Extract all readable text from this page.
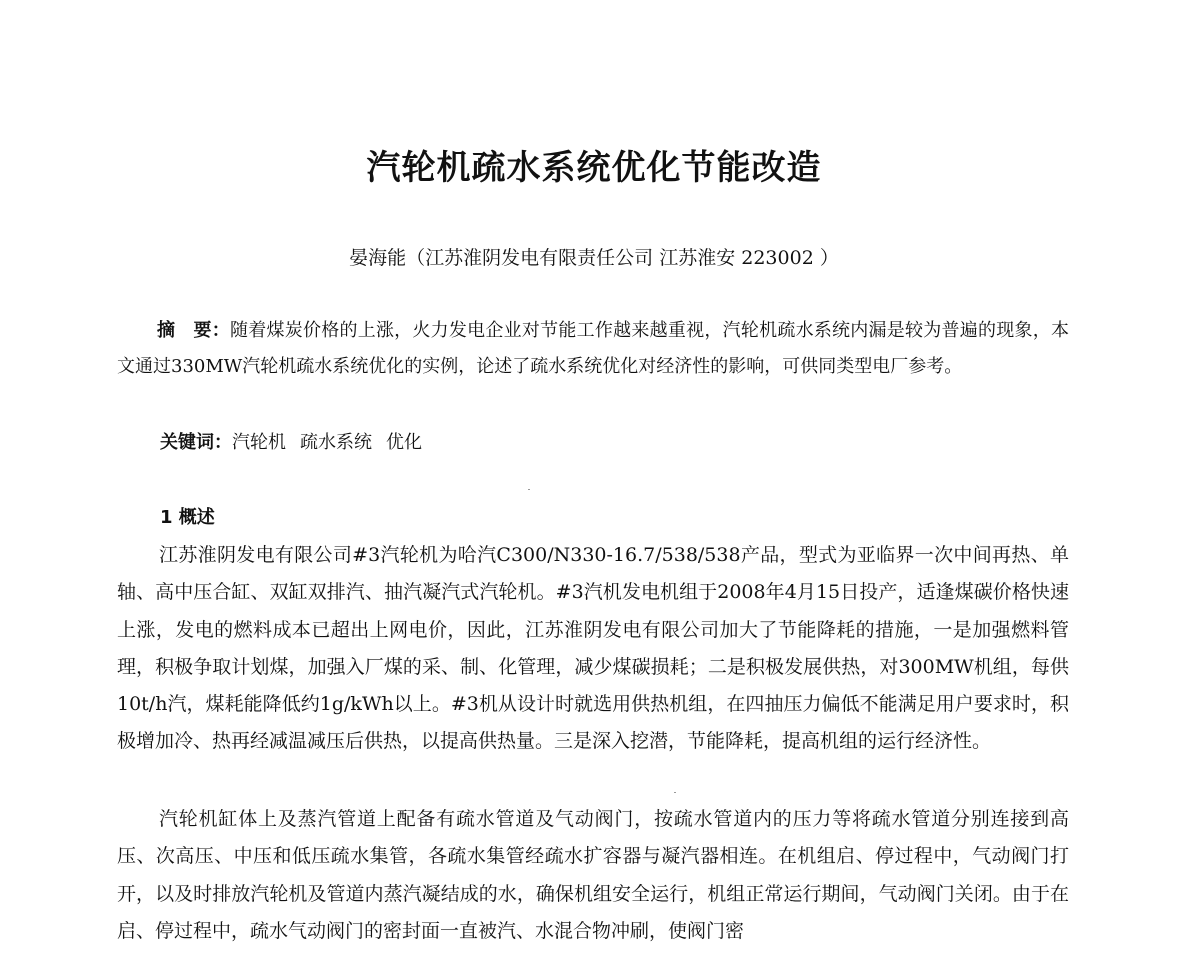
汽轮机疏水系统优化节能改造

晏海能（江苏淮阴发电有限责任公司 江苏淮安 223002 ）

摘　要：随着煤炭价格的上涨，火力发电企业对节能工作越来越重视，汽轮机疏水系统内漏是较为普遍的现象，本文通过330MW汽轮机疏水系统优化的实例，论述了疏水系统优化对经济性的影响，可供同类型电厂参考。

关键词：汽轮机 疏水系统 优化

1 概述

江苏淮阴发电有限公司#3汽轮机为哈汽C300/N330-16.7/538/538产品，型式为亚临界一次中间再热、单轴、高中压合缸、双缸双排汽、抽汽凝汽式汽轮机。#3汽机发电机组于2008年4月15日投产，适逢煤碳价格快速上涨，发电的燃料成本已超出上网电价，因此，江苏淮阴发电有限公司加大了节能降耗的措施，一是加强燃料管理，积极争取计划煤，加强入厂煤的采、制、化管理，减少煤碳损耗；二是积极发展供热，对300MW机组，每供10t/h汽，煤耗能降低约1g/kWh以上。#3机从设计时就选用供热机组，在四抽压力偏低不能满足用户要求时，积极增加冷、热再经减温减压后供热，以提高供热量。三是深入挖潜，节能降耗，提高机组的运行经济性。

汽轮机缸体上及蒸汽管道上配备有疏水管道及气动阀门，按疏水管道内的压力等将疏水管道分别连接到高压、次高压、中压和低压疏水集管，各疏水集管经疏水扩容器与凝汽器相连。在机组启、停过程中，气动阀门打开，以及时排放汽轮机及管道内蒸汽凝结成的水，确保机组安全运行，机组正常运行期间，气动阀门关闭。由于在启、停过程中，疏水气动阀门的密封面一直被汽、水混合物冲刷，使阀门密
